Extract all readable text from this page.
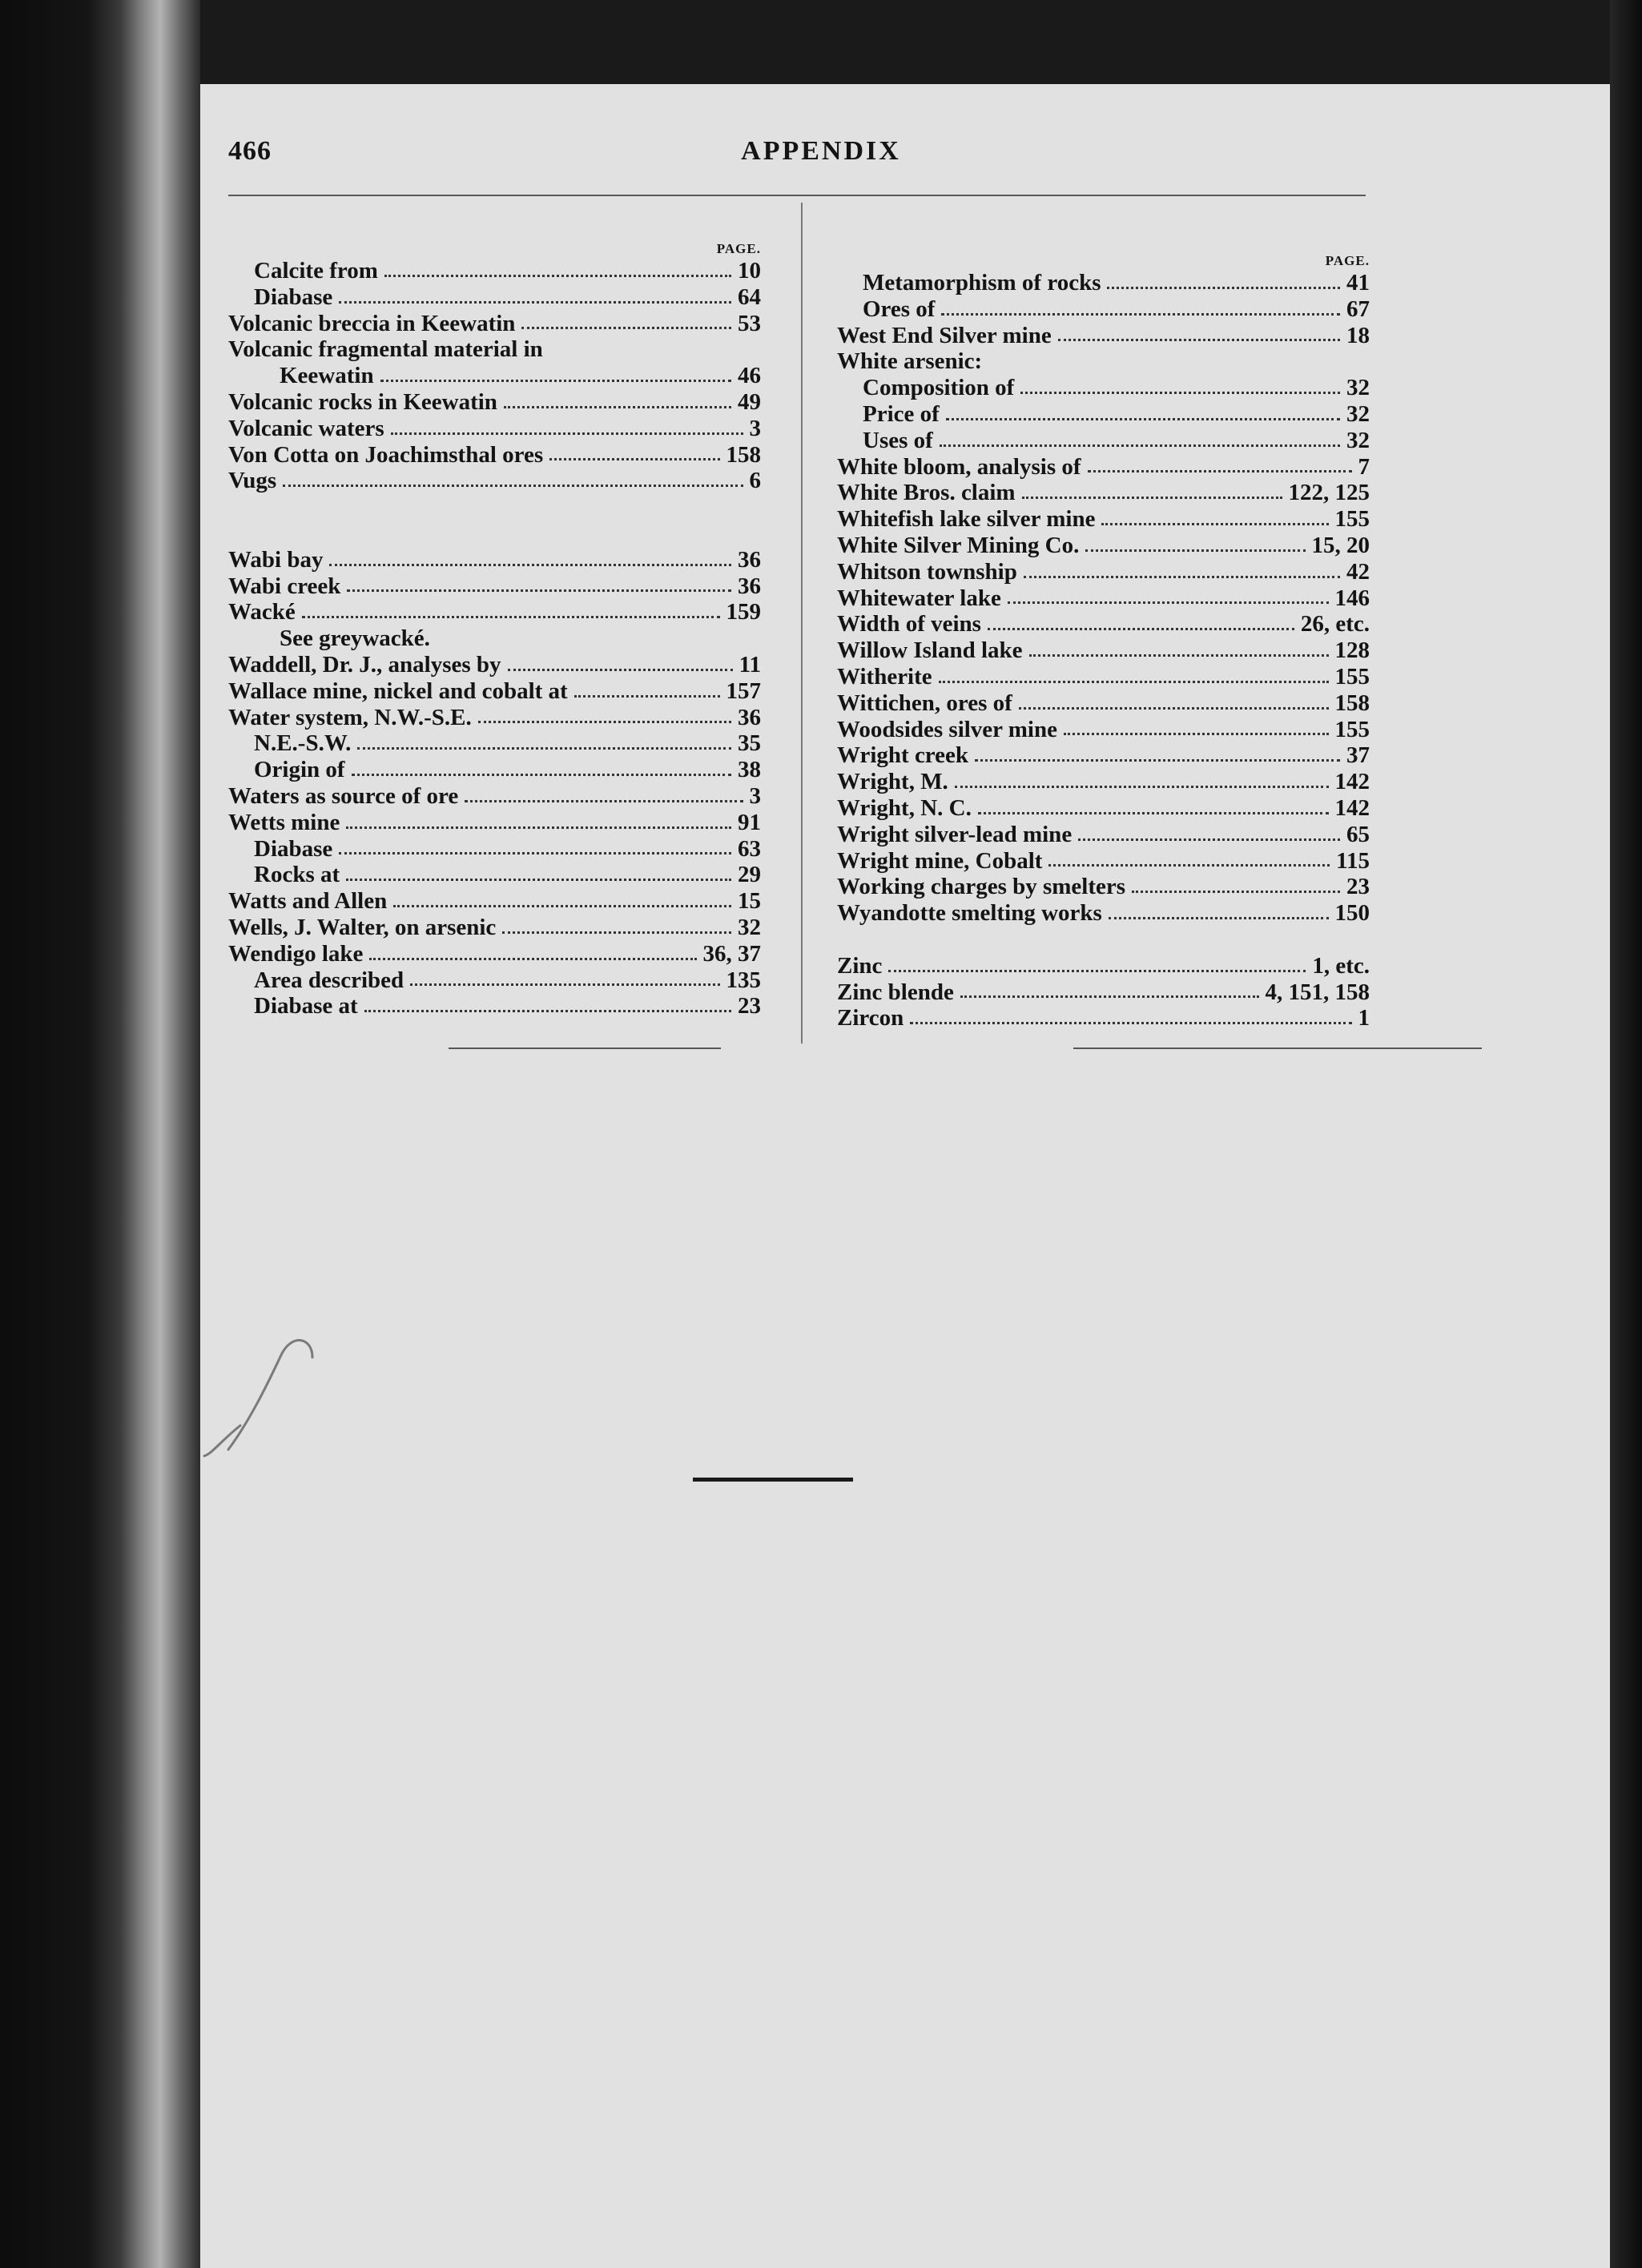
466	APPENDIX
PAGE.
Calcite from	10
Diabase	64
Volcanic breccia in Keewatin	53
Volcanic fragmental material in
Keewatin	46
Volcanic rocks in Keewatin	49
Volcanic waters	3
Von Cotta on Joachimsthal ores	158
Vugs	6
Wabi bay	36
Wabi creek	36
Wacké	159
See greywacké.
Waddell, Dr. J., analyses by	11
Wallace mine, nickel and cobalt at	157
Water system, N.W.-S.E.	36
N.E.-S.W.	35
Origin of	38
Waters as source of ore	3
Wetts mine	91
Diabase	63
Rocks at	29
Watts and Allen	15
Wells, J. Walter, on arsenic	32
Wendigo lake	36, 37
Area described	135
Diabase at	23
PAGE.
Metamorphism of rocks	41
Ores of	67
West End Silver mine	18
White arsenic:
Composition of	32
Price of	32
Uses of	32
White bloom, analysis of	7
White Bros. claim	122, 125
Whitefish lake silver mine	155
White Silver Mining Co.	15, 20
Whitson township	42
Whitewater lake	146
Width of veins	26, etc.
Willow Island lake	128
Witherite	155
Wittichen, ores of	158
Woodsides silver mine	155
Wright creek	37
Wright, M.	142
Wright, N. C.	142
Wright silver-lead mine	65
Wright mine, Cobalt	115
Working charges by smelters	23
Wyandotte smelting works	150
Zinc	1, etc.
Zinc blende	4, 151, 158
Zircon	1
